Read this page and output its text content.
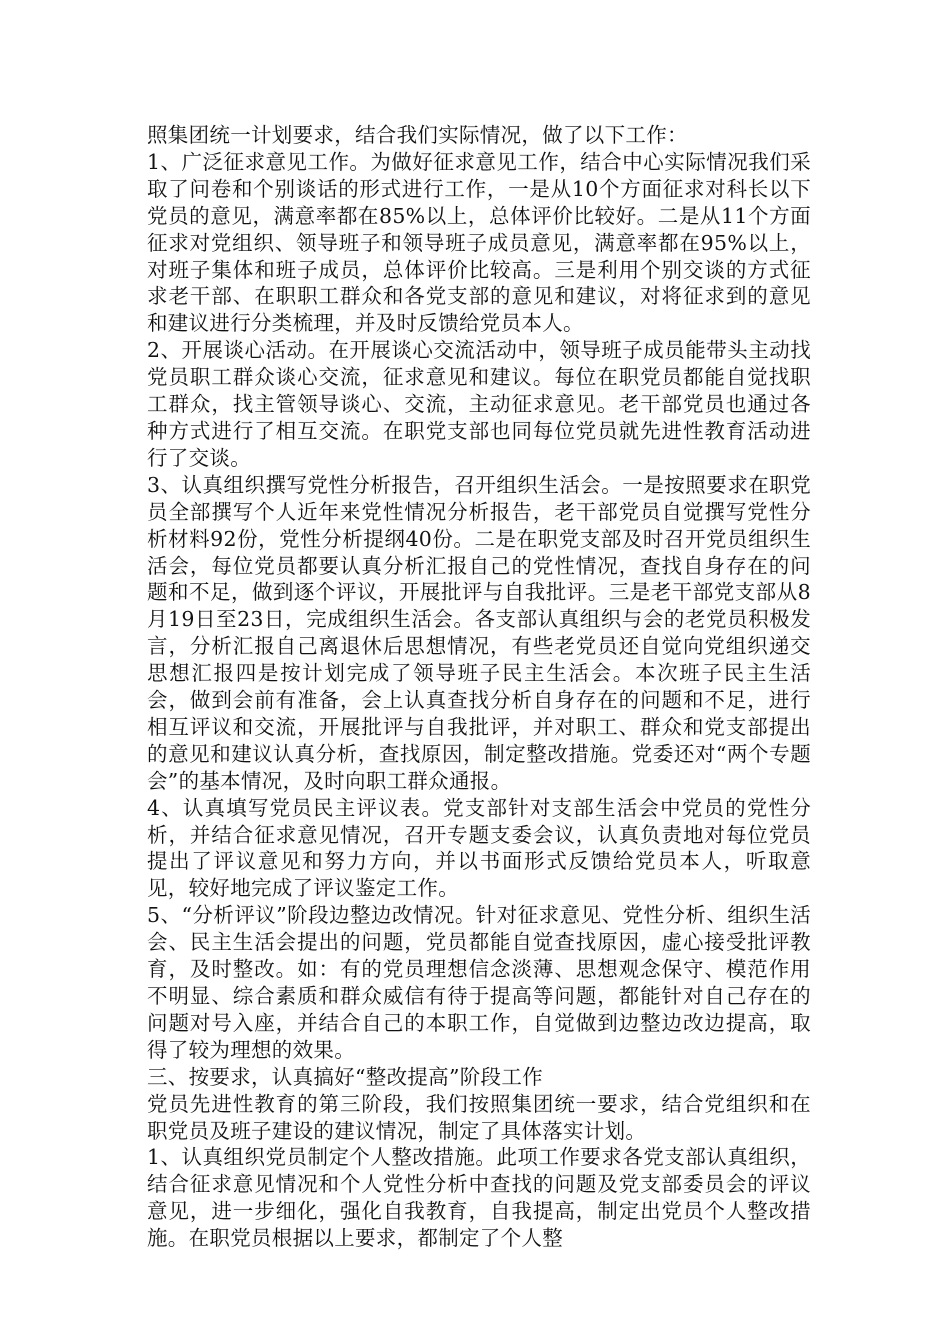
照集团统一计划要求，结合我们实际情况，做了以下工作：

1、广泛征求意见工作。为做好征求意见工作，结合中心实际情况我们采取了问卷和个别谈话的形式进行工作，一是从10个方面征求对科长以下党员的意见，满意率都在85%以上，总体评价比较好。二是从11个方面征求对党组织、领导班子和领导班子成员意见，满意率都在95%以上，对班子集体和班子成员，总体评价比较高。三是利用个别交谈的方式征求老干部、在职职工群众和各党支部的意见和建议，对将征求到的意见和建议进行分类梳理，并及时反馈给党员本人。

2、开展谈心活动。在开展谈心交流活动中，领导班子成员能带头主动找党员职工群众谈心交流，征求意见和建议。每位在职党员都能自觉找职工群众，找主管领导谈心、交流，主动征求意见。老干部党员也通过各种方式进行了相互交流。在职党支部也同每位党员就先进性教育活动进行了交谈。

3、认真组织撰写党性分析报告，召开组织生活会。一是按照要求在职党员全部撰写个人近年来党性情况分析报告，老干部党员自觉撰写党性分析材料92份，党性分析提纲40份。二是在职党支部及时召开党员组织生活会，每位党员都要认真分析汇报自己的党性情况，查找自身存在的问题和不足，做到逐个评议，开展批评与自我批评。三是老干部党支部从8月19日至23日，完成组织生活会。各支部认真组织与会的老党员积极发言，分析汇报自己离退休后思想情况，有些老党员还自觉向党组织递交思想汇报四是按计划完成了领导班子民主生活会。本次班子民主生活会，做到会前有准备，会上认真查找分析自身存在的问题和不足，进行相互评议和交流，开展批评与自我批评，并对职工、群众和党支部提出的意见和建议认真分析，查找原因，制定整改措施。党委还对“两个专题会”的基本情况，及时向职工群众通报。

4、认真填写党员民主评议表。党支部针对支部生活会中党员的党性分析，并结合征求意见情况，召开专题支委会议，认真负责地对每位党员提出了评议意见和努力方向，并以书面形式反馈给党员本人，听取意见，较好地完成了评议鉴定工作。

5、“分析评议”阶段边整边改情况。针对征求意见、党性分析、组织生活会、民主生活会提出的问题，党员都能自觉查找原因，虚心接受批评教育，及时整改。如：有的党员理想信念淡薄、思想观念保守、模范作用不明显、综合素质和群众威信有待于提高等问题，都能针对自己存在的问题对号入座，并结合自己的本职工作，自觉做到边整边改边提高，取得了较为理想的效果。

三、按要求，认真搞好“整改提高”阶段工作

党员先进性教育的第三阶段，我们按照集团统一要求，结合党组织和在职党员及班子建设的建议情况，制定了具体落实计划。

1、认真组织党员制定个人整改措施。此项工作要求各党支部认真组织，结合征求意见情况和个人党性分析中查找的问题及党支部委员会的评议意见，进一步细化，强化自我教育，自我提高，制定出党员个人整改措施。在职党员根据以上要求，都制定了个人整
